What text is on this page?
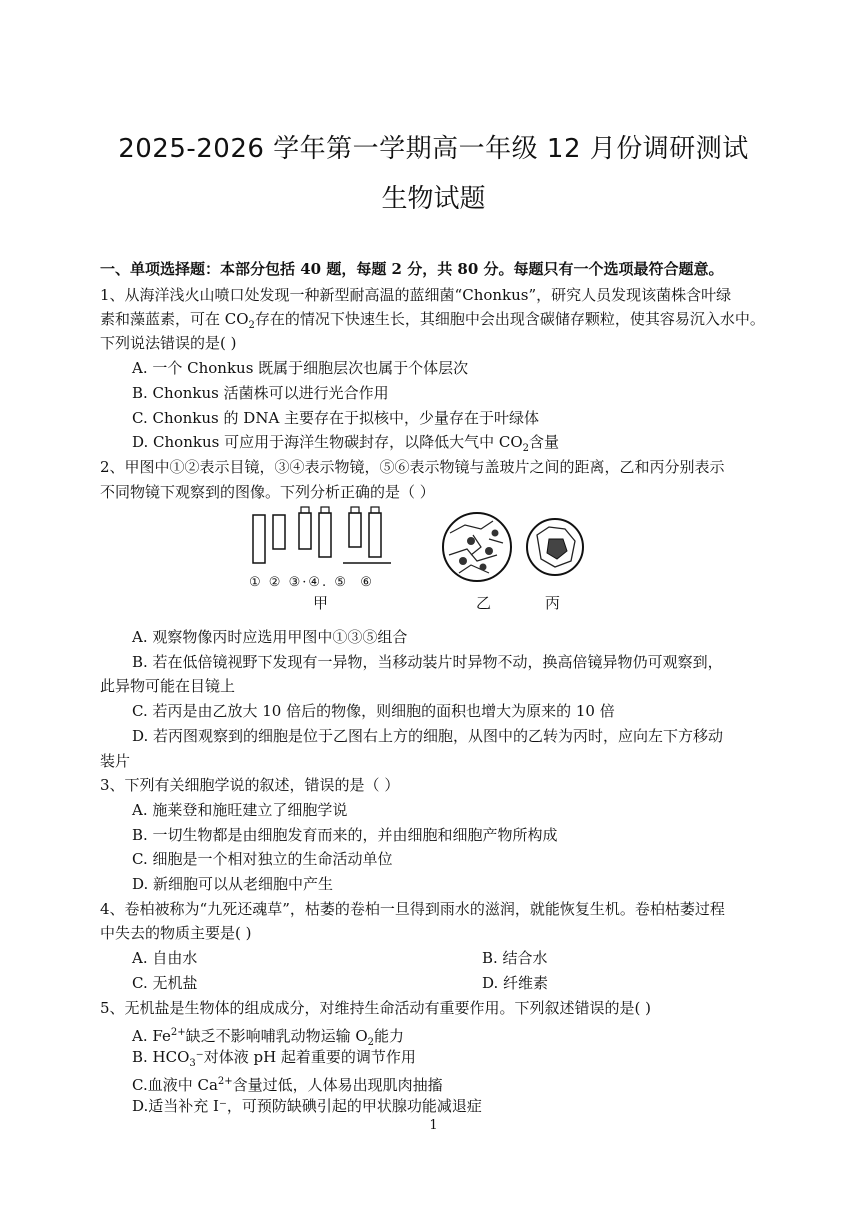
2025-2026 学年第一学期高一年级 12 月份调研测试
生物试题
一、单项选择题：本部分包括 40 题，每题 2 分，共 80 分。每题只有一个选项最符合题意。
1、从海洋浅火山喷口处发现一种新型耐高温的蓝细菌“Chonkus”，研究人员发现该菌株含叶绿
素和藻蓝素，可在 $CO_2$存在的情况下快速生长，其细胞中会出现含碳储存颗粒，使其容易沉入水中。
下列说法错误的是( )
A. 一个 Chonkus 既属于细胞层次也属于个体层次
B. Chonkus 活菌株可以进行光合作用
C. Chonkus 的 DNA 主要存在于拟核中，少量存在于叶绿体
D. Chonkus 可应用于海洋生物碳封存，以降低大气中 $CO_2$含量
2、甲图中①②表示目镜，③④表示物镜，⑤⑥表示物镜与盖玻片之间的距离，乙和丙分别表示
不同物镜下观察到的图像。下列分析正确的是（ ）
① ② ③·④. ⑤ ⑥
甲	乙	丙
A. 观察物像丙时应选用甲图中①③⑤组合
B. 若在低倍镜视野下发现有一异物，当移动装片时异物不动，换高倍镜异物仍可观察到，
此异物可能在目镜上
C. 若丙是由乙放大 10 倍后的物像，则细胞的面积也增大为原来的 10 倍
D. 若丙图观察到的细胞是位于乙图右上方的细胞，从图中的乙转为丙时，应向左下方移动
装片
3、下列有关细胞学说的叙述，错误的是（ ）
A. 施莱登和施旺建立了细胞学说
B. 一切生物都是由细胞发育而来的，并由细胞和细胞产物所构成
C. 细胞是一个相对独立的生命活动单位
D. 新细胞可以从老细胞中产生
4、卷柏被称为“九死还魂草”，枯萎的卷柏一旦得到雨水的滋润，就能恢复生机。卷柏枯萎过程
中失去的物质主要是( )
A. 自由水	B. 结合水
C. 无机盐	D. 纤维素
5、无机盐是生物体的组成成分，对维持生命活动有重要作用。下列叙述错误的是( )
A. $Fe^{2+}$缺乏不影响哺乳动物运输 $O_2$能力
B. $HCO_3^-$对体液 pH 起着重要的调节作用
C.血液中 $Ca^{2+}$含量过低，人体易出现肌肉抽搐
D.适当补充 I⁻，可预防缺碘引起的甲状腺功能减退症
1
